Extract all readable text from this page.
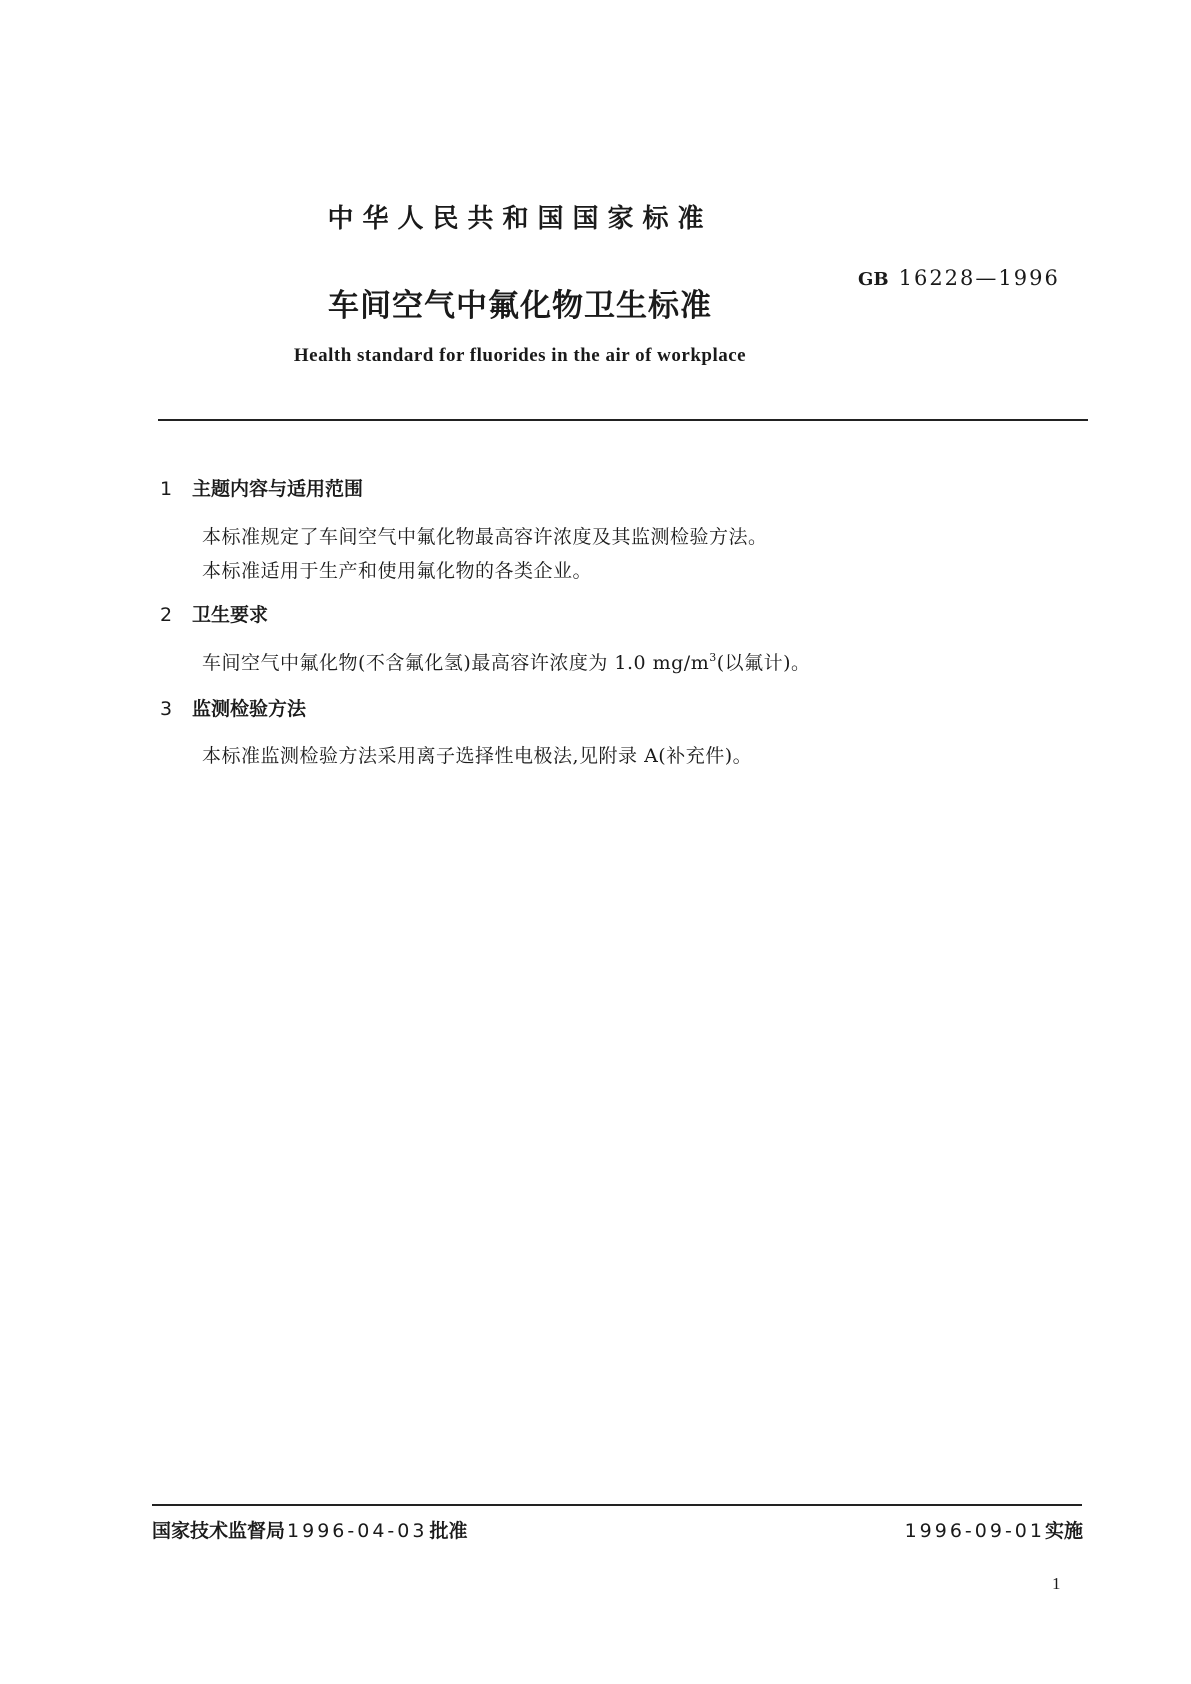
中华人民共和国国家标准
车间空气中氟化物卫生标准
GB 16228—1996
Health standard for fluorides in the air of workplace
1 主题内容与适用范围
本标准规定了车间空气中氟化物最高容许浓度及其监测检验方法。
本标准适用于生产和使用氟化物的各类企业。
2 卫生要求
车间空气中氟化物(不含氟化氢)最高容许浓度为 1.0 $mg/m^3$(以氟计)。
3 监测检验方法
本标准监测检验方法采用离子选择性电极法,见附录 A(补充件)。
国家技术监督局 1996-04-03 批准	1996-09-01实施
1
